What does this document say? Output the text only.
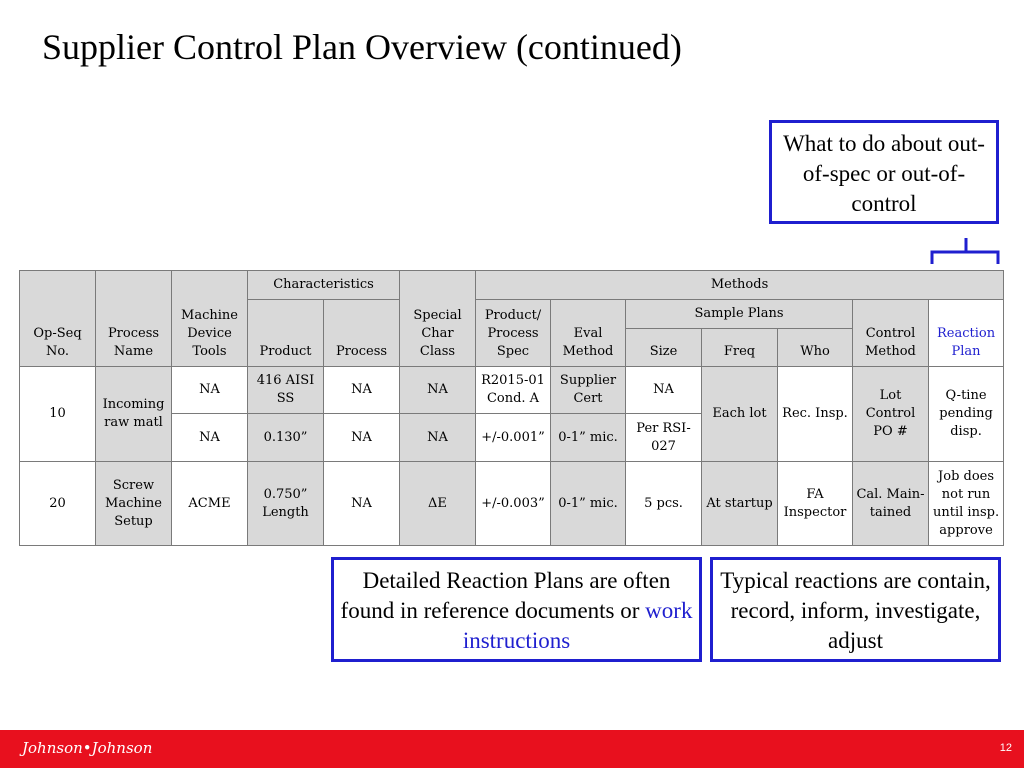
Supplier Control Plan Overview (continued)
What to do about out-of-spec or out-of-control
Op-Seq No.	Process Name	Machine Device Tools	Characteristics		Special Char Class	Methods						
			Product	Process		Product/ Process Spec	Eval Method	Sample Plans			Control Method	Reaction Plan
								Size	Freq	Who		
10	Incoming raw matl	NA	416 AISI SS	NA	NA	R2015-01 Cond. A	Supplier Cert	NA	Each lot	Rec. Insp.	Lot Control PO #	Q-tine pending disp.
		NA	0.130”	NA	NA	+/-0.001”	0-1” mic.	Per RSI-027				
20	Screw Machine Setup	ACME	0.750” Length	NA	ΔE	+/-0.003”	0-1” mic.	5 pcs.	At startup	FA Inspector	Cal. Main-tained	Job does not run until insp. approve
Detailed Reaction Plans are often found in reference documents or work instructions
Typical reactions are contain, record, inform, investigate, adjust
Johnson•Johnson	12
